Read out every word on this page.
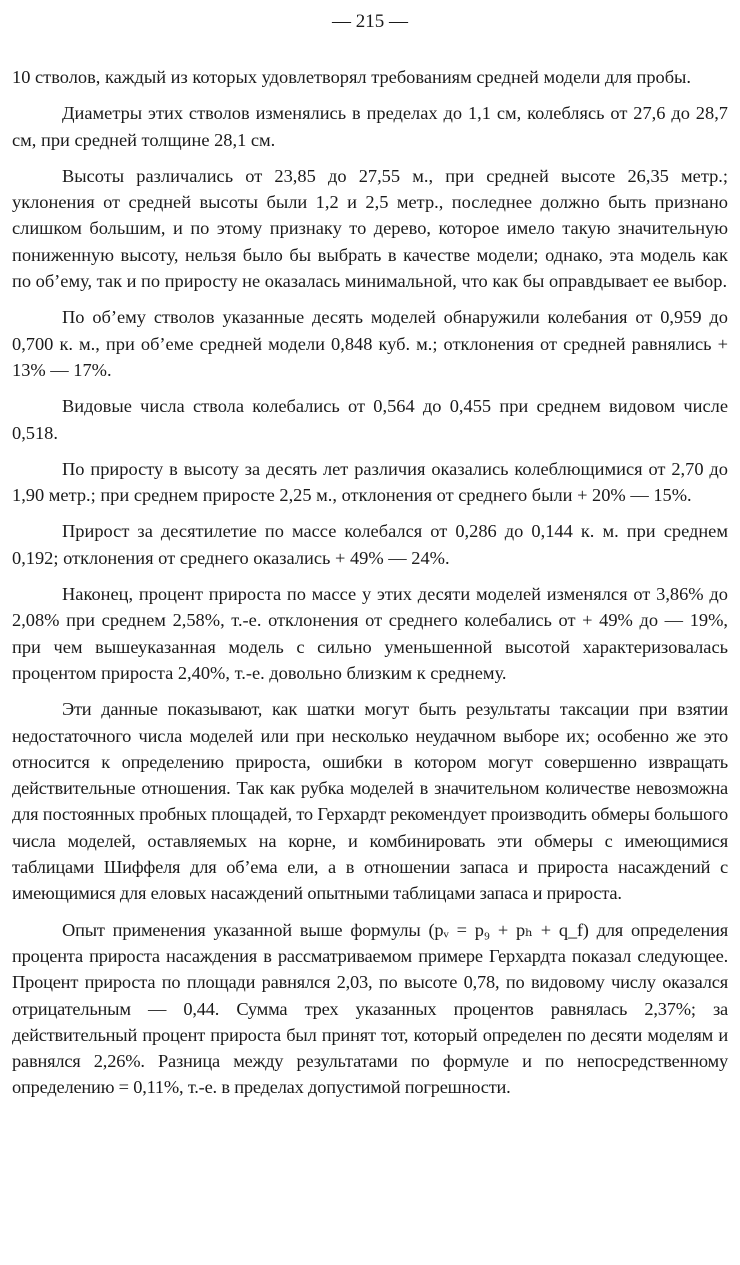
— 215 —

10 стволов, каждый из которых удовлетворял требованиям средней модели для пробы.

Диаметры этих стволов изменялись в пределах до 1,1 см, колеблясь от 27,6 до 28,7 см, при средней толщине 28,1 см.

Высоты различались от 23,85 до 27,55 м., при средней высоте 26,35 метр.; уклонения от средней высоты были 1,2 и 2,5 метр., последнее должно быть признано слишком большим, и по этому признаку то дерево, которое имело такую значительную пониженную высоту, нельзя было бы выбрать в качестве модели; однако, эта модель как по об’ему, так и по приросту не оказалась минимальной, что как бы оправдывает ее выбор.

По об’ему стволов указанные десять моделей обнаружили колебания от 0,959 до 0,700 к. м., при об’еме средней модели 0,848 куб. м.; отклонения от средней равнялись + 13% — 17%.

Видовые числа ствола колебались от 0,564 до 0,455 при среднем видовом числе 0,518.

По приросту в высоту за десять лет различия оказались колеблющимися от 2,70 до 1,90 метр.; при среднем приросте 2,25 м., отклонения от среднего были + 20% — 15%.

Прирост за десятилетие по массе колебался от 0,286 до 0,144 к. м. при среднем 0,192; отклонения от среднего оказались + 49% — 24%.

Наконец, процент прироста по массе у этих десяти моделей изменялся от 3,86% до 2,08% при среднем 2,58%, т.-е. отклонения от среднего колебались от + 49% до — 19%, при чем вышеуказанная модель с сильно уменьшенной высотой характеризовалась процентом прироста 2,40%, т.-е. довольно близким к среднему.

Эти данные показывают, как шатки могут быть результаты таксации при взятии недостаточного числа моделей или при несколько неудачном выборе их; особенно же это относится к определению прироста, ошибки в котором могут совершенно извращать действительные отношения. Так как рубка моделей в значительном количестве невозможна для постоянных пробных площадей, то Герхардт рекомендует производить обмеры большого числа моделей, оставляемых на корне, и комбинировать эти обмеры с имеющимися таблицами Шиффеля для об’ема ели, а в отношении запаса и прироста насаждений с имеющимися для еловых насаждений опытными таблицами запаса и прироста.

Опыт применения указанной выше формулы (pᵥ = p₉ + pₕ + q_f) для определения процента прироста насаждения в рассматриваемом примере Герхардта показал следующее. Процент прироста по площади равнялся 2,03, по высоте 0,78, по видовому числу оказался отрицательным — 0,44. Сумма трех указанных процентов равнялась 2,37%; за действительный процент прироста был принят тот, который определен по десяти моделям и равнялся 2,26%. Разница между результатами по формуле и по непосредственному определению = 0,11%, т.-е. в пределах допустимой погрешности.
